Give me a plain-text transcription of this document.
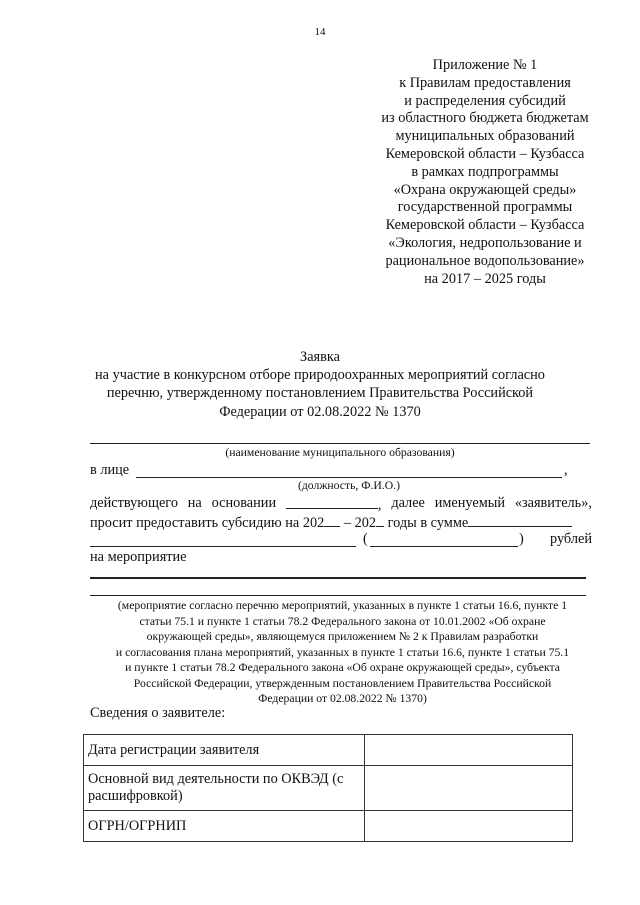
14
Приложение № 1
к Правилам предоставления
и распределения субсидий
из областного бюджета бюджетам
муниципальных образований
Кемеровской области – Кузбасса
в рамках подпрограммы
«Охрана окружающей среды»
государственной программы
Кемеровской области – Кузбасса
«Экология, недропользование и
рациональное водопользование»
на 2017 – 2025 годы
Заявка
на участие в конкурсном отборе природоохранных мероприятий согласно
перечню, утвержденному постановлением Правительства Российской
Федерации от 02.08.2022 № 1370
(наименование муниципального образования)
в лице	,
(должность, Ф.И.О.)
действующего на основании	, далее именуемый «заявитель»,
просит предоставить субсидию на 202 – 202 годы в сумме
(	) рублей
на мероприятие
(мероприятие согласно перечню мероприятий, указанных в пункте 1 статьи 16.6, пункте 1
статьи 75.1 и пункте 1 статьи 78.2 Федерального закона от 10.01.2002 «Об охране
окружающей среды», являющемуся приложением № 2 к Правилам разработки
и согласования плана мероприятий, указанных в пункте 1 статьи 16.6, пункте 1 статьи 75.1
и пункте 1 статьи 78.2 Федерального закона «Об охране окружающей среды», субъекта
Российской Федерации, утвержденным постановлением Правительства Российской
Федерации от 02.08.2022 № 1370)
Сведения о заявителе:
Дата регистрации заявителя	
Основной вид деятельности по ОКВЭД (с расшифровкой)	
ОГРН/ОГРНИП	
